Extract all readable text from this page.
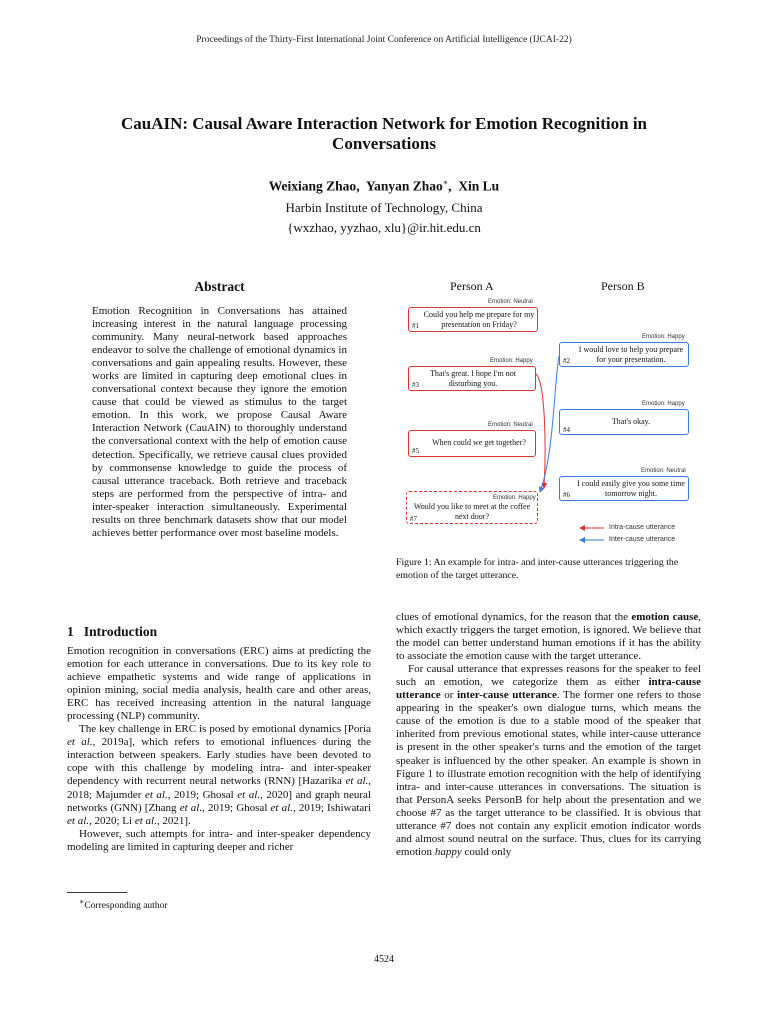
Proceedings of the Thirty-First International Joint Conference on Artificial Intelligence (IJCAI-22)
CauAIN: Causal Aware Interaction Network for Emotion Recognition in
Conversations
Weixiang Zhao,  Yanyan Zhao∗,  Xin Lu
Harbin Institute of Technology, China
{wxzhao, yyzhao, xlu}@ir.hit.edu.cn
Abstract
Emotion Recognition in Conversations has attained increasing interest in the natural language processing community. Many neural-network based approaches endeavor to solve the challenge of emotional dynamics in conversations and gain appealing results. However, these works are limited in capturing deep emotional clues in conversational context because they ignore the emotion cause that could be viewed as stimulus to the target emotion. In this work, we propose Causal Aware Interaction Network (CauAIN) to thoroughly understand the conversational context with the help of emotion cause detection. Specifically, we retrieve causal clues provided by commonsense knowledge to guide the process of causal utterance traceback. Both retrieve and traceback steps are performed from the perspective of intra- and inter-speaker interaction simultaneously. Experimental results on three benchmark datasets show that our model achieves better performance over most baseline models.
1 Introduction

Emotion recognition in conversations (ERC) aims at predicting the emotion for each utterance in conversations. Due to its key role to achieve empathetic systems and wide range of applications in opinion mining, social media analysis, health care and other areas, ERC has received increasing attention in the natural language processing (NLP) community.

The key challenge in ERC is posed by emotional dynamics [Poria et al., 2019a], which refers to emotional influences during the interaction between speakers. Early studies have been devoted to cope with this challenge by modeling intra- and inter-speaker dependency with recurrent neural networks (RNN) [Hazarika et al., 2018; Majumder et al., 2019; Ghosal et al., 2020] and graph neural networks (GNN) [Zhang et al., 2019; Ghosal et al., 2019; Ishiwatari et al., 2020; Li et al., 2021].

However, such attempts for intra- and inter-speaker dependency modeling are limited in capturing deeper and richer

∗Corresponding author
Person A	Person B
Emotion: Neutral
#1
Could you help me prepare for my presentation on Friday?
Emotion: Happy
#2
I would love to help you prepare for your presentation.
Emotion: Happy
#3
That's great. I hope I'm not disturbing you.
Emotion: Happy
#4
That's okay.
Emotion: Neutral
#5
When could we get together?
Emotion: Neutral
#6
I could easily give you some time tomorrow night.
Emotion: Happy
#7
Would you like to meet at the coffee next door?
Intra-cause utterance
Inter-cause utterance
Figure 1: An example for intra- and inter-cause utterances triggering the emotion of the target utterance.

clues of emotional dynamics, for the reason that the emotion cause, which exactly triggers the target emotion, is ignored. We believe that the model can better understand human emotions if it has the ability to associate the emotion cause with the target utterance.

For causal utterance that expresses reasons for the speaker to feel such an emotion, we categorize them as either intra-cause utterance or inter-cause utterance. The former one refers to those appearing in the speaker's own dialogue turns, which means the cause of the emotion is due to a stable mood of the speaker that inherited from previous emotional states, while inter-cause utterance is present in the other speaker's turns and the emotion of the target speaker is influenced by the other speaker. An example is shown in Figure 1 to illustrate emotion recognition with the help of identifying intra- and inter-cause utterances in conversations. The situation is that PersonA seeks PersonB for help about the presentation and we choose #7 as the target utterance to be classified. It is obvious that utterance #7 does not contain any explicit emotion indicator words and almost sound neutral on the surface. Thus, clues for its carrying emotion happy could only

4524
